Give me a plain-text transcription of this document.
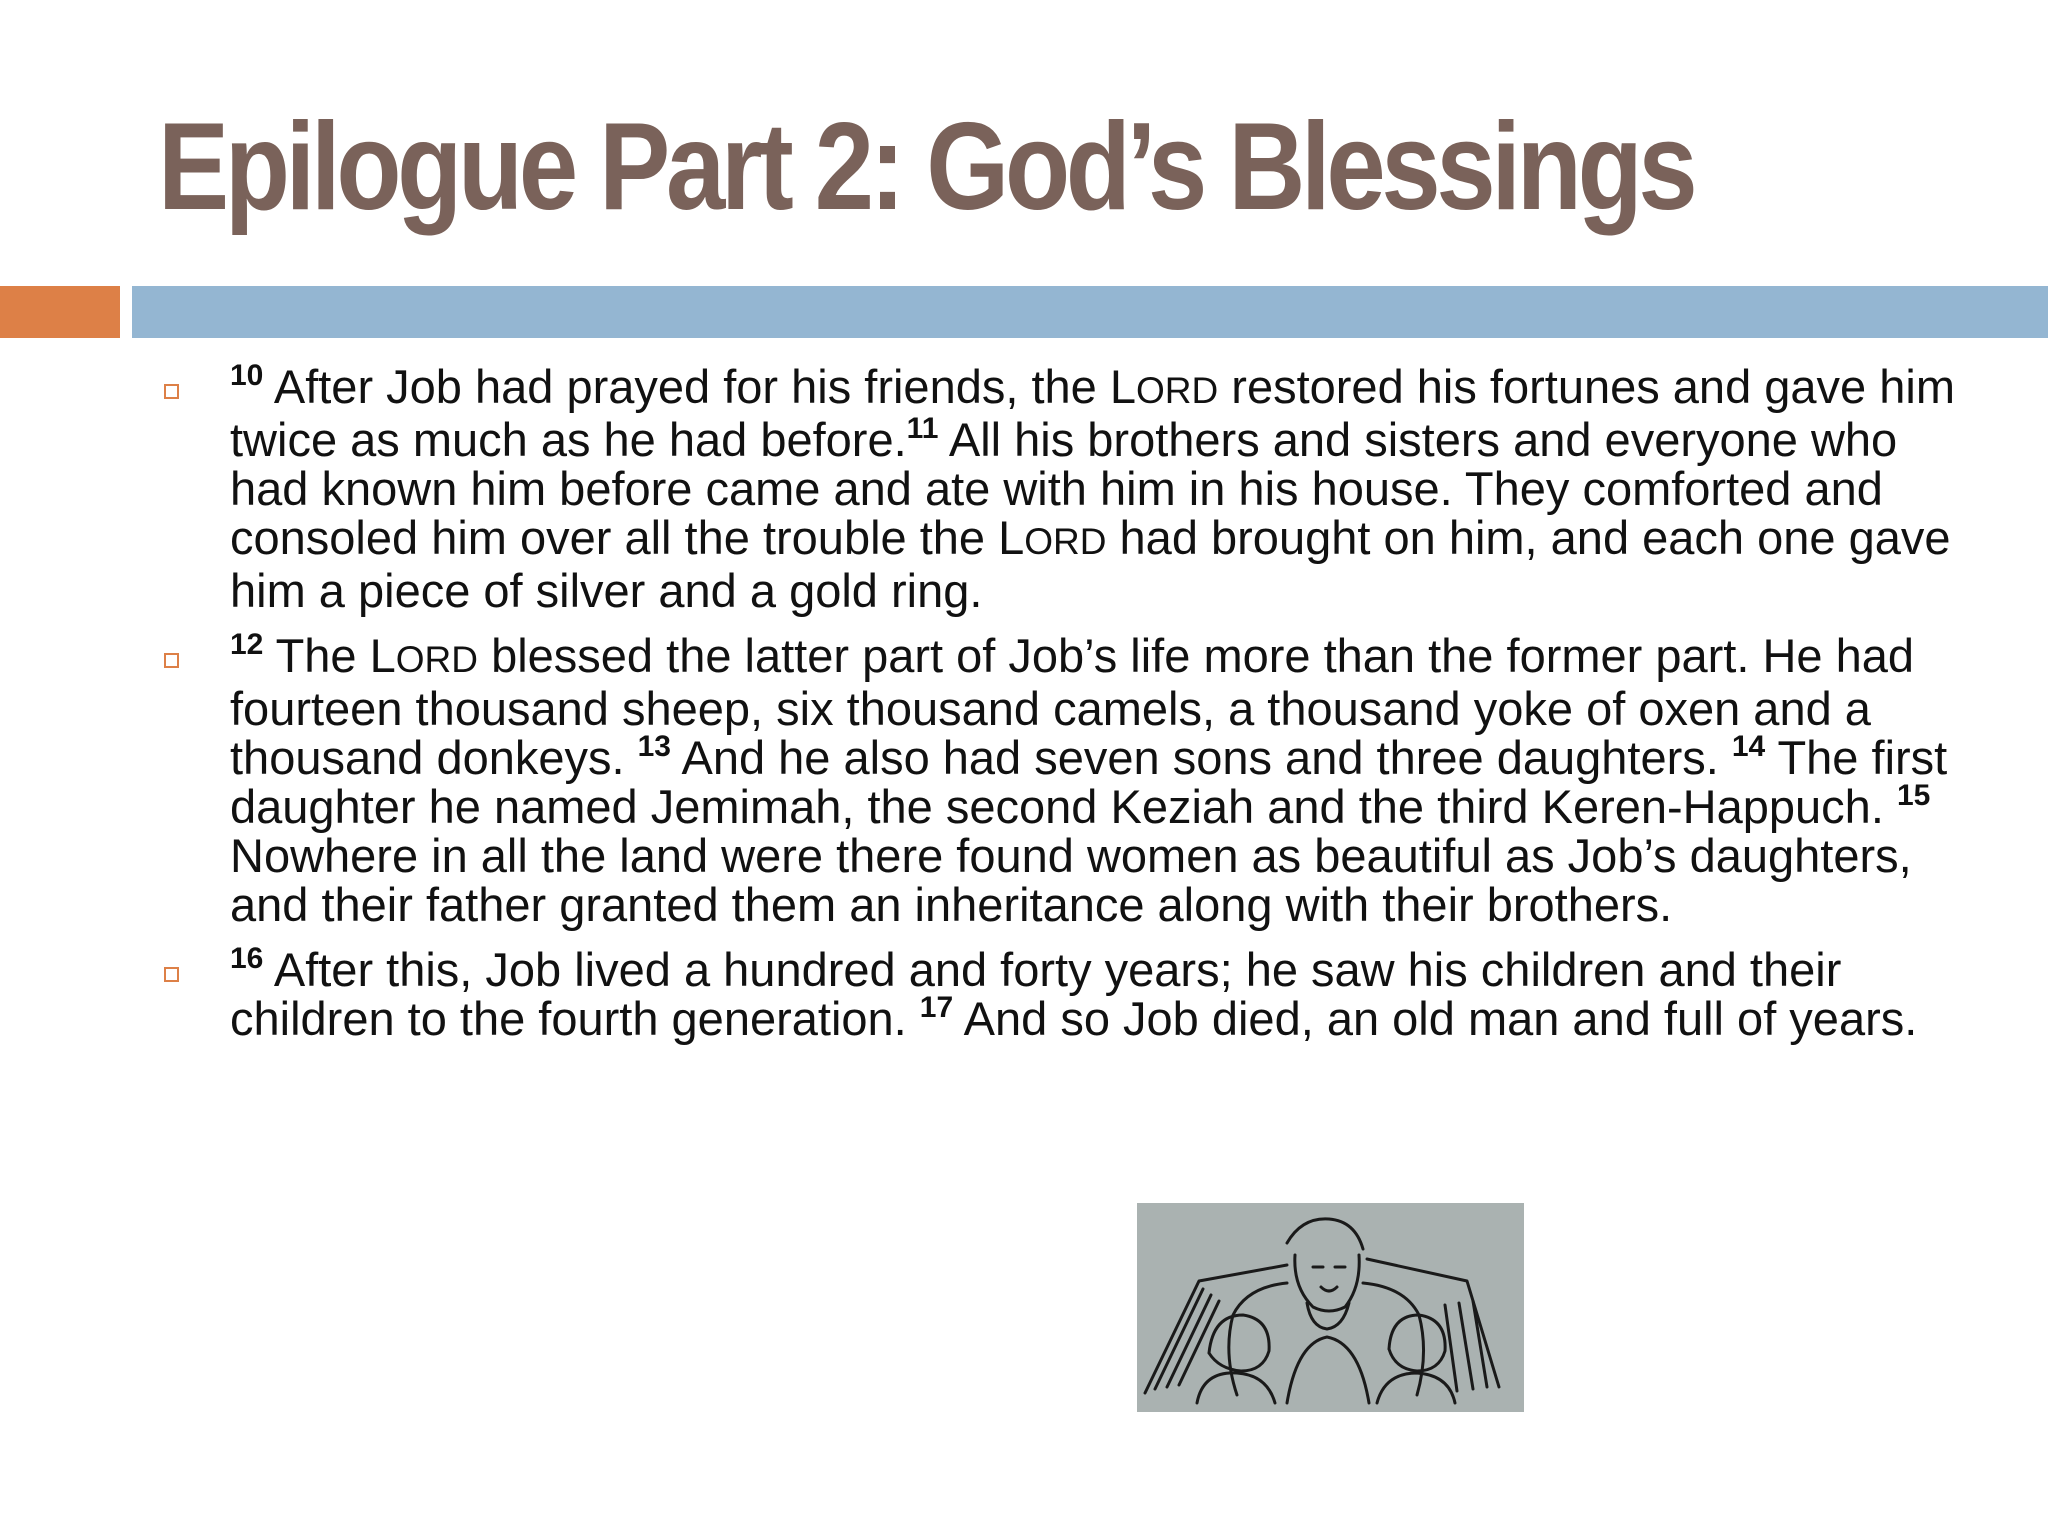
Epilogue Part 2: God’s Blessings
$^{10}$ After Job had prayed for his friends, the LORD restored his fortunes and gave him twice as much as he had before.$^{11}$ All his brothers and sisters and everyone who had known him before came and ate with him in his house. They comforted and consoled him over all the trouble the LORD had brought on him, and each one gave him a piece of silver and a gold ring.
$^{12}$ The LORD blessed the latter part of Job’s life more than the former part. He had fourteen thousand sheep, six thousand camels, a thousand yoke of oxen and a thousand donkeys. $^{13}$ And he also had seven sons and three daughters. $^{14}$ The first daughter he named Jemimah, the second Keziah and the third Keren-Happuch. $^{15}$ Nowhere in all the land were there found women as beautiful as Job’s daughters, and their father granted them an inheritance along with their brothers.
$^{16}$ After this, Job lived a hundred and forty years; he saw his children and their children to the fourth generation. $^{17}$ And so Job died, an old man and full of years.
